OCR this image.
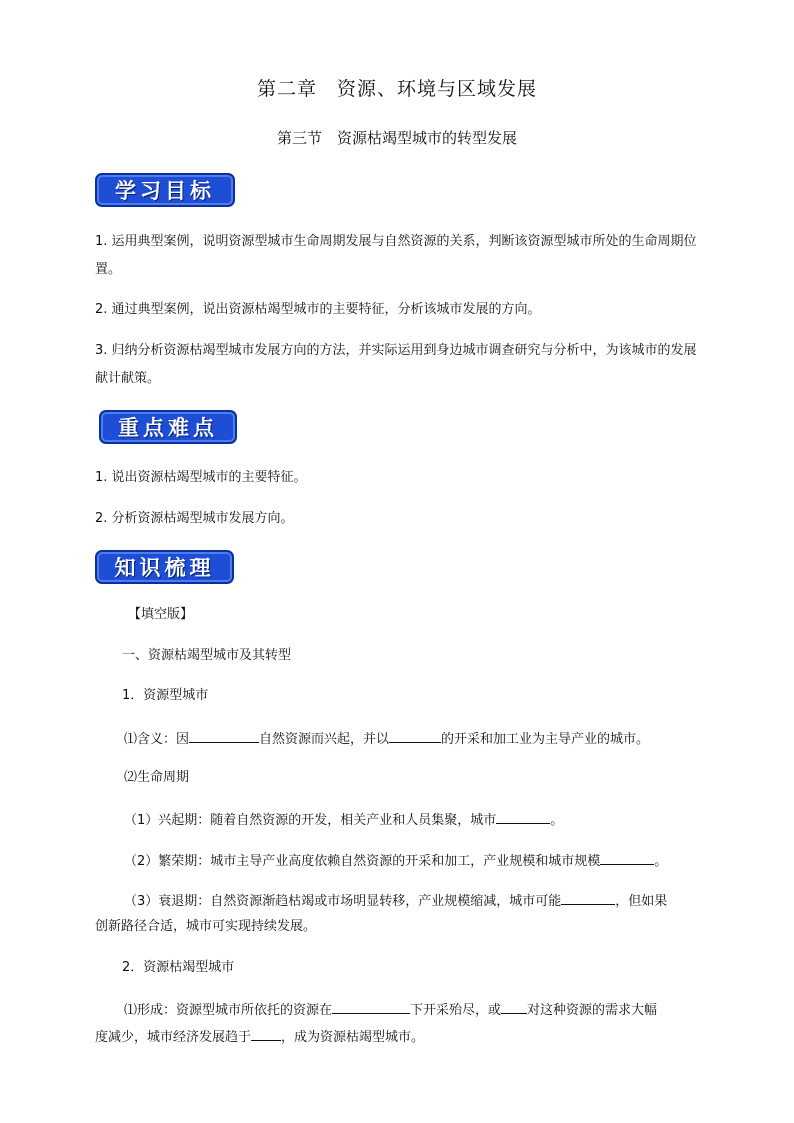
第二章　资源、环境与区域发展
第三节　资源枯竭型城市的转型发展
学习目标
1. 运用典型案例，说明资源型城市生命周期发展与自然资源的关系，判断该资源型城市所处的生命周期位置。
2. 通过典型案例，说出资源枯竭型城市的主要特征，分析该城市发展的方向。
3. 归纳分析资源枯竭型城市发展方向的方法，并实际运用到身边城市调查研究与分析中，为该城市的发展献计献策。
重点难点
1. 说出资源枯竭型城市的主要特征。
2. 分析资源枯竭型城市发展方向。
知识梳理
【填空版】
一、资源枯竭型城市及其转型
1．资源型城市
⑴含义：因	自然资源而兴起，并以	的开采和加工业为主导产业的城市。
⑵生命周期
（1）兴起期：随着自然资源的开发，相关产业和人员集聚，城市	。
（2）繁荣期：城市主导产业高度依赖自然资源的开采和加工，产业规模和城市规模	。
（3）衰退期：自然资源渐趋枯竭或市场明显转移，产业规模缩减，城市可能	，但如果
创新路径合适，城市可实现持续发展。
2．资源枯竭型城市
⑴形成：资源型城市所依托的资源在	下开采殆尽，或 对这种资源的需求大幅
度减少，城市经济发展趋于 ，成为资源枯竭型城市。
